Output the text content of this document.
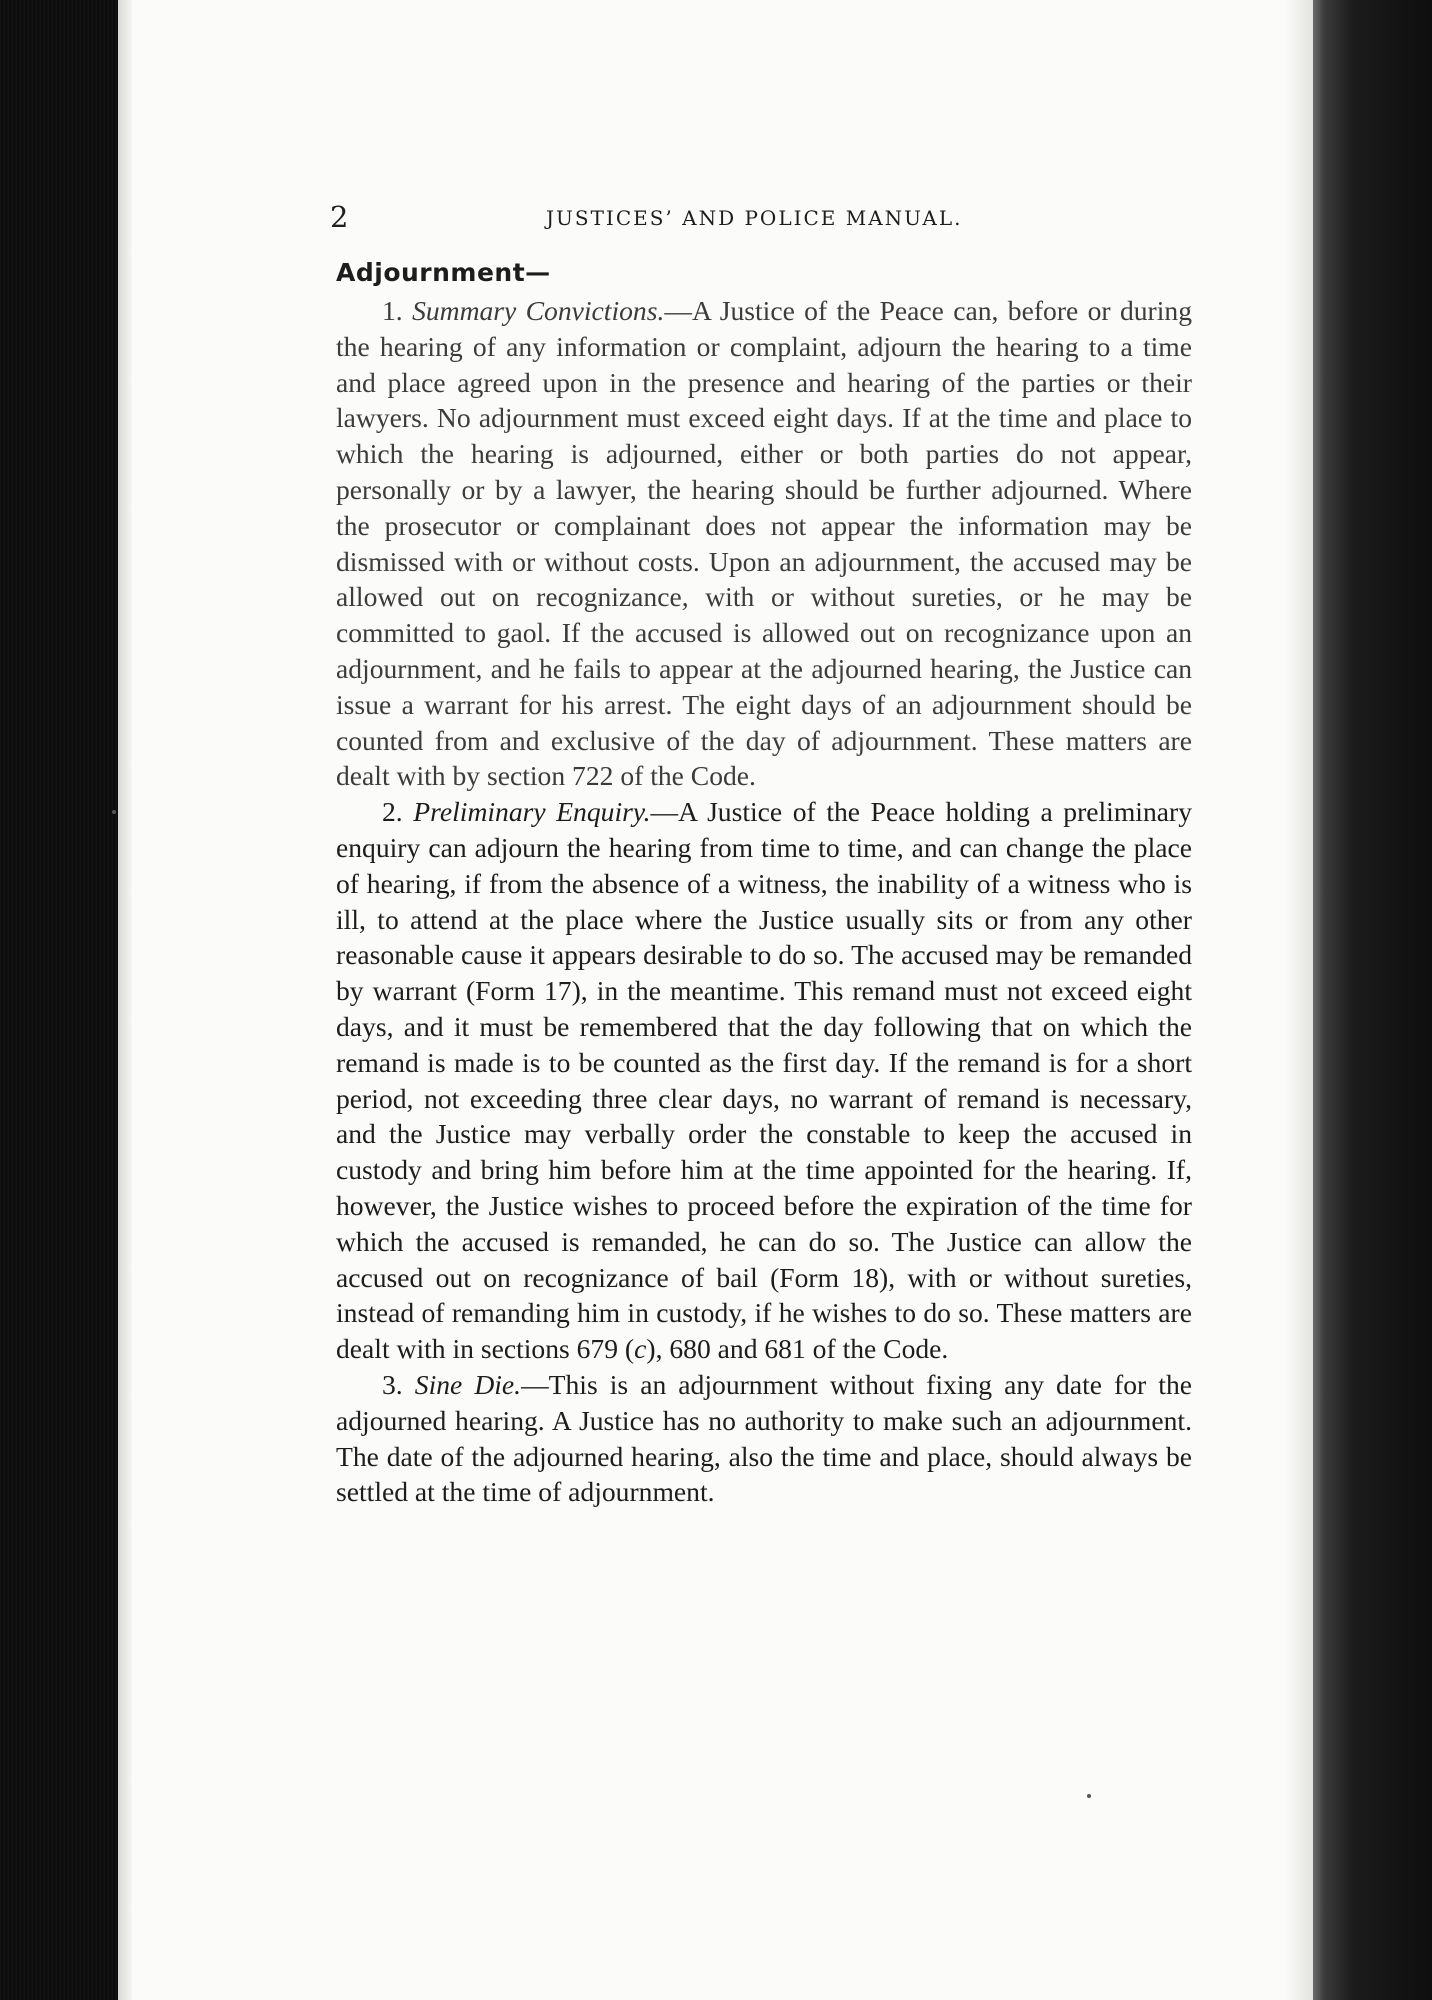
2	JUSTICES’ AND POLICE MANUAL.
Adjournment—

1. Summary Convictions.—A Justice of the Peace can, before or during the hearing of any information or complaint, adjourn the hearing to a time and place agreed upon in the presence and hearing of the parties or their lawyers. No adjournment must exceed eight days. If at the time and place to which the hearing is adjourned, either or both parties do not appear, personally or by a lawyer, the hearing should be further adjourned. Where the prosecutor or complainant does not appear the information may be dismissed with or without costs. Upon an adjournment, the accused may be allowed out on recognizance, with or without sureties, or he may be committed to gaol. If the accused is allowed out on recognizance upon an adjournment, and he fails to appear at the adjourned hearing, the Justice can issue a warrant for his arrest. The eight days of an adjournment should be counted from and exclusive of the day of adjournment. These matters are dealt with by section 722 of the Code.

2. Preliminary Enquiry.—A Justice of the Peace holding a preliminary enquiry can adjourn the hearing from time to time, and can change the place of hearing, if from the absence of a witness, the inability of a witness who is ill, to attend at the place where the Justice usually sits or from any other reasonable cause it appears desirable to do so. The accused may be remanded by warrant (Form 17), in the meantime. This remand must not exceed eight days, and it must be remembered that the day following that on which the remand is made is to be counted as the first day. If the remand is for a short period, not exceeding three clear days, no warrant of remand is necessary, and the Justice may verbally order the constable to keep the accused in custody and bring him before him at the time appointed for the hearing. If, however, the Justice wishes to proceed before the expiration of the time for which the accused is remanded, he can do so. The Justice can allow the accused out on recognizance of bail (Form 18), with or without sureties, instead of remanding him in custody, if he wishes to do so. These matters are dealt with in sections 679 (c), 680 and 681 of the Code.

3. Sine Die.—This is an adjournment without fixing any date for the adjourned hearing. A Justice has no authority to make such an adjournment. The date of the adjourned hearing, also the time and place, should always be settled at the time of adjournment.
